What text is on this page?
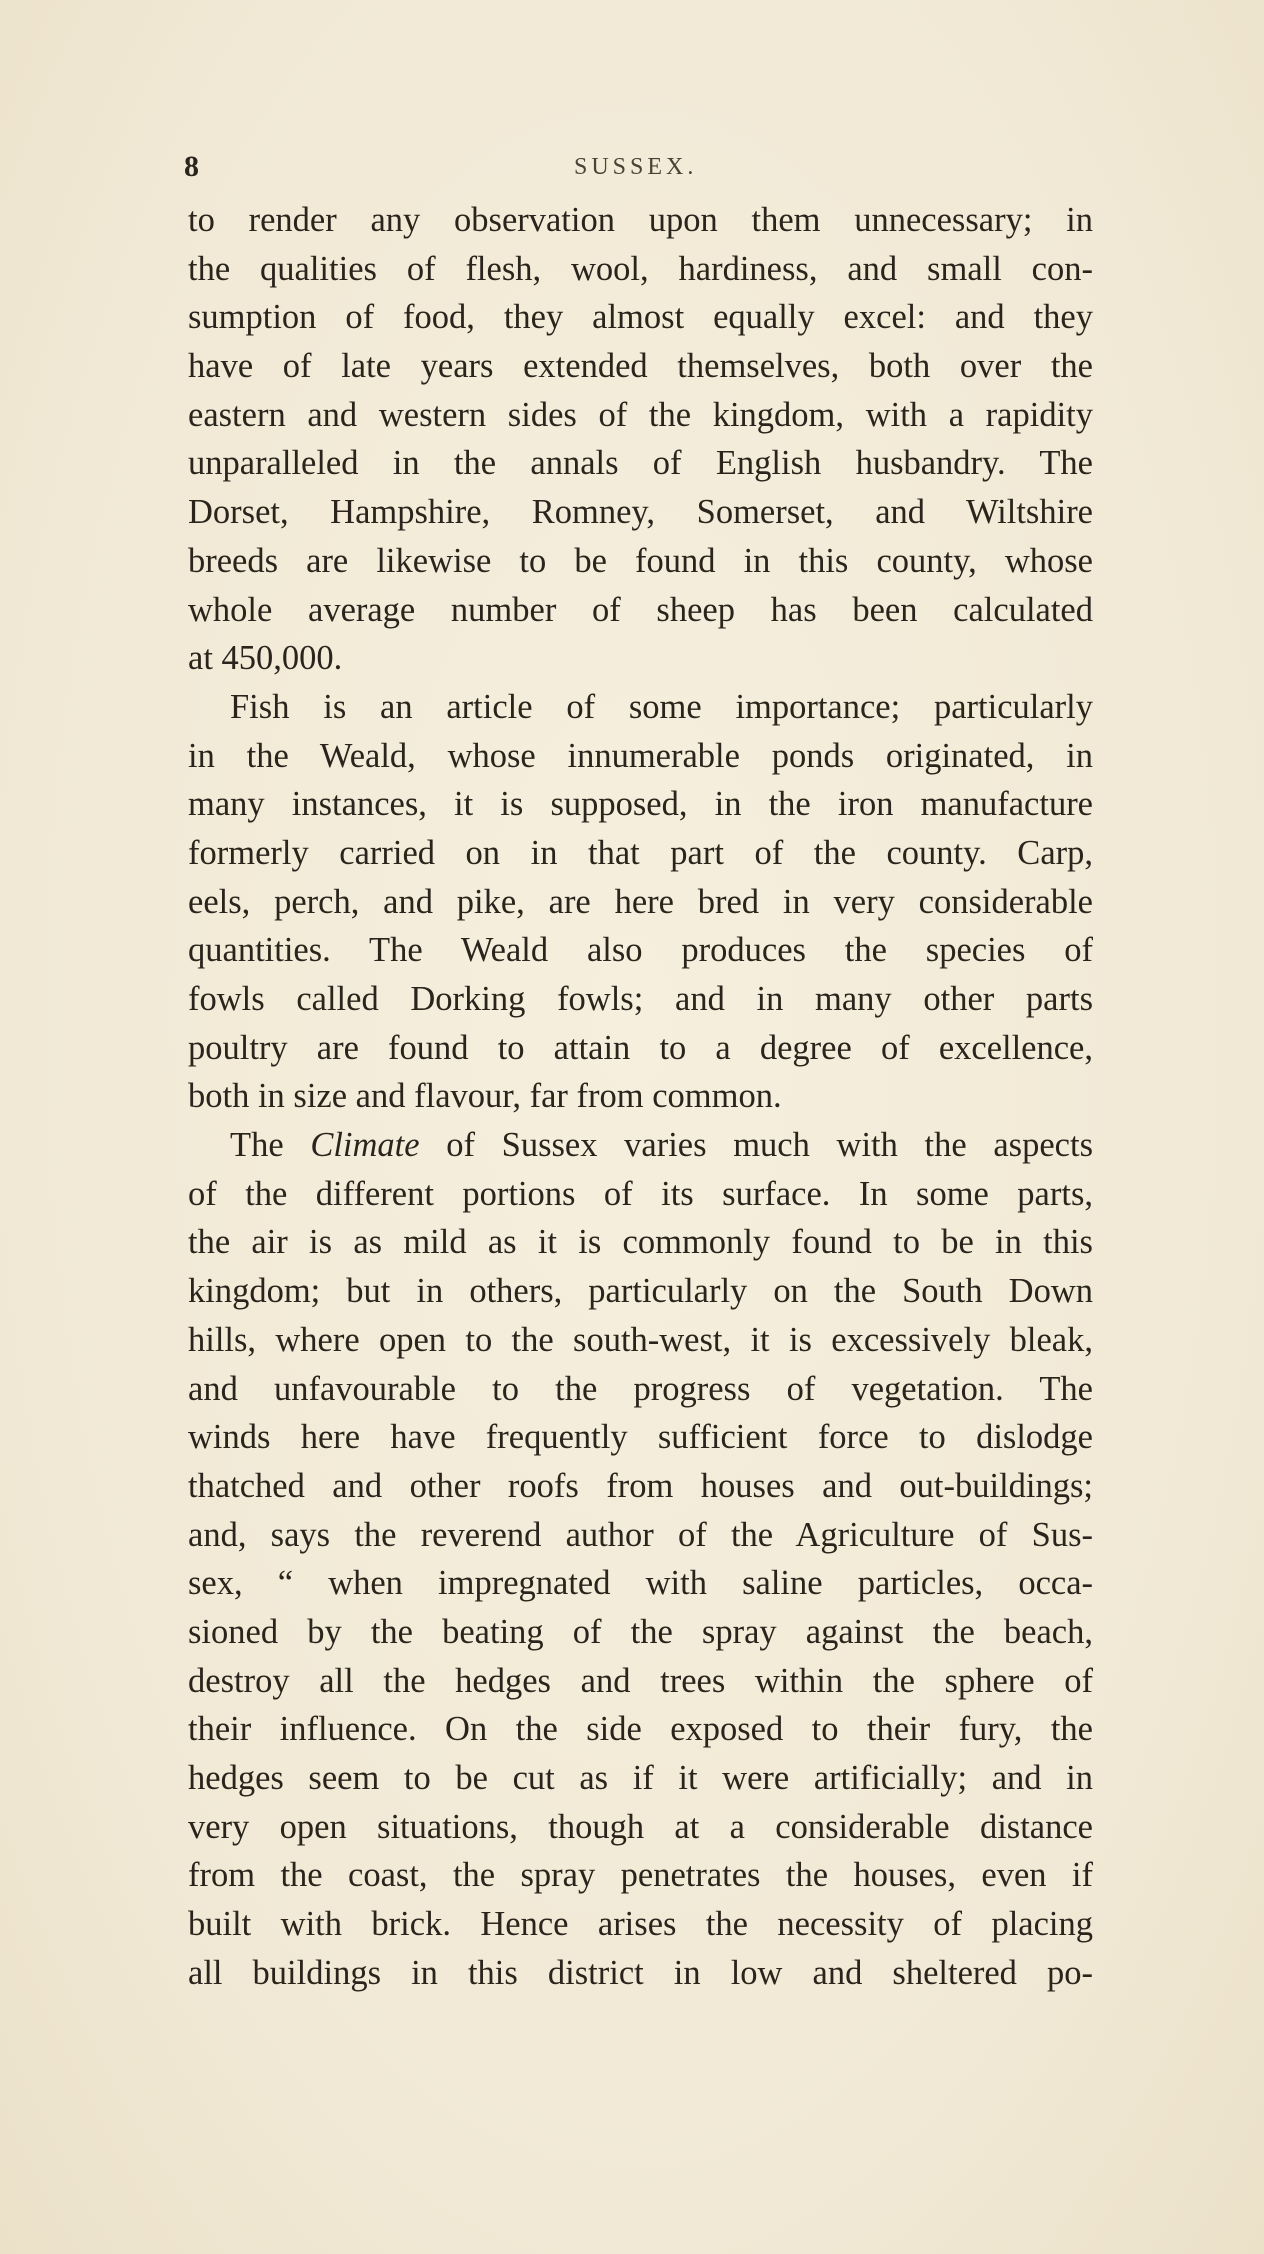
8	SUSSEX.
to render any observation upon them unnecessary; in
the qualities of flesh, wool, hardiness, and small con-
sumption of food, they almost equally excel: and they
have of late years extended themselves, both over the
eastern and western sides of the kingdom, with a rapidity
unparalleled in the annals of English husbandry. The
Dorset, Hampshire, Romney, Somerset, and Wiltshire
breeds are likewise to be found in this county, whose
whole average number of sheep has been calculated
at 450,000.
Fish is an article of some importance; particularly
in the Weald, whose innumerable ponds originated, in
many instances, it is supposed, in the iron manufacture
formerly carried on in that part of the county. Carp,
eels, perch, and pike, are here bred in very considerable
quantities. The Weald also produces the species of
fowls called Dorking fowls; and in many other parts
poultry are found to attain to a degree of excellence,
both in size and flavour, far from common.
The Climate of Sussex varies much with the aspects
of the different portions of its surface. In some parts,
the air is as mild as it is commonly found to be in this
kingdom; but in others, particularly on the South Down
hills, where open to the south-west, it is excessively bleak,
and unfavourable to the progress of vegetation. The
winds here have frequently sufficient force to dislodge
thatched and other roofs from houses and out-buildings;
and, says the reverend author of the Agriculture of Sus-
sex, “ when impregnated with saline particles, occa-
sioned by the beating of the spray against the beach,
destroy all the hedges and trees within the sphere of
their influence. On the side exposed to their fury, the
hedges seem to be cut as if it were artificially; and in
very open situations, though at a considerable distance
from the coast, the spray penetrates the houses, even if
built with brick. Hence arises the necessity of placing
all buildings in this district in low and sheltered po-
